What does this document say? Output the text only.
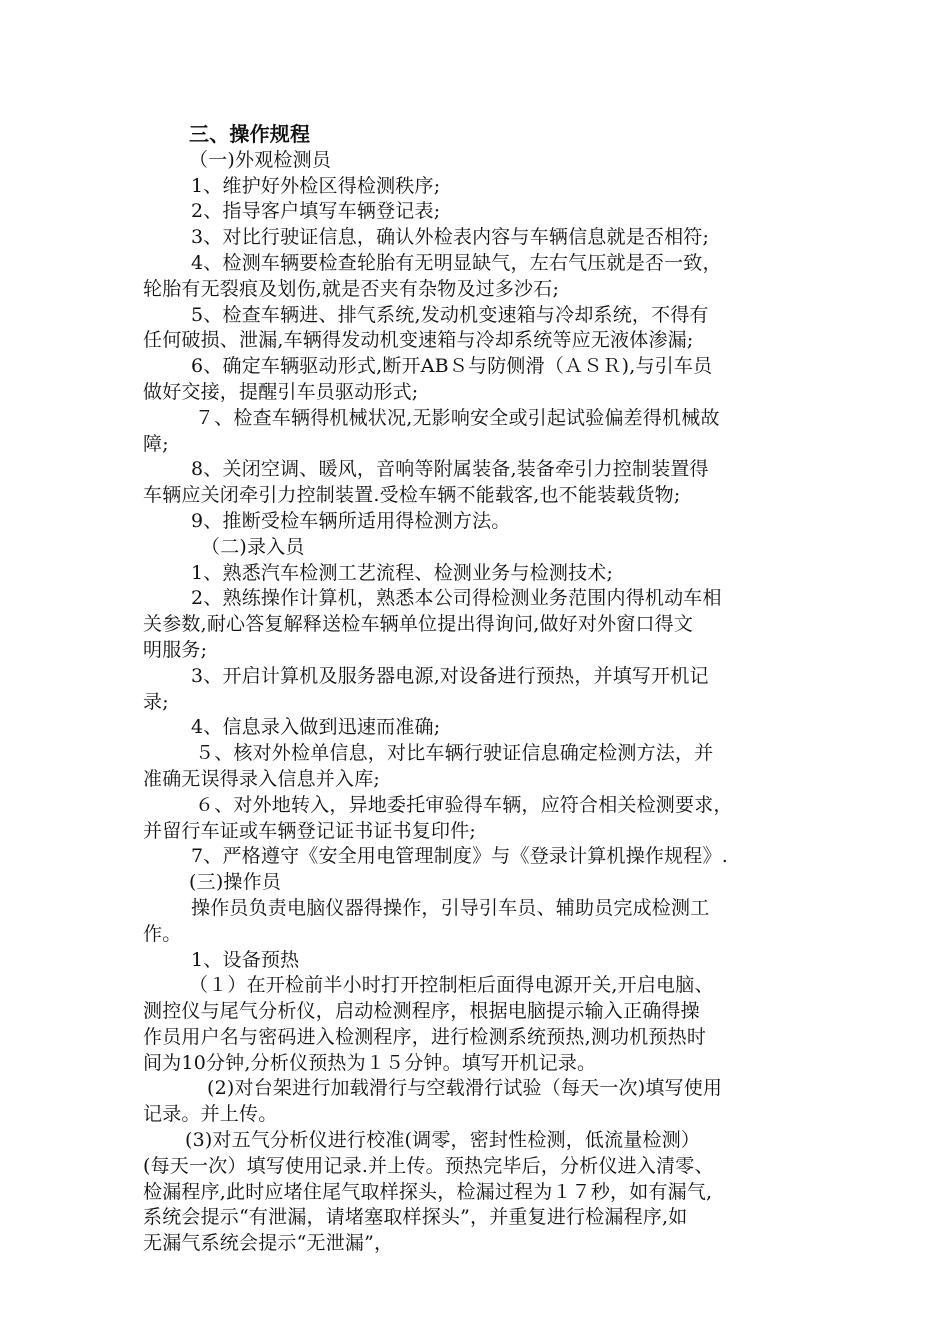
三、操作规程
（一)外观检测员
1、维护好外检区得检测秩序;
2、指导客户填写车辆登记表;
3、对比行驶证信息，确认外检表内容与车辆信息就是否相符;
4、检测车辆要检查轮胎有无明显缺气，左右气压就是否一致，
轮胎有无裂痕及划伤,就是否夹有杂物及过多沙石;
5、检查车辆进、排气系统,发动机变速箱与冷却系统，不得有
任何破损、泄漏,车辆得发动机变速箱与冷却系统等应无液体渗漏;
6、确定车辆驱动形式,断开ABＳ与防侧滑（ＡＳＲ),与引车员
做好交接，提醒引车员驱动形式;
７、检查车辆得机械状况,无影响安全或引起试验偏差得机械故
障;
8、关闭空调、暖风，音响等附属装备,装备牵引力控制装置得
车辆应关闭牵引力控制装置.受检车辆不能载客,也不能装载货物;
9、推断受检车辆所适用得检测方法。
（二)录入员
1、熟悉汽车检测工艺流程、检测业务与检测技术;
2、熟练操作计算机，熟悉本公司得检测业务范围内得机动车相
关参数,耐心答复解释送检车辆单位提出得询问,做好对外窗口得文
明服务;
3、开启计算机及服务器电源,对设备进行预热，并填写开机记
录;
4、信息录入做到迅速而准确;
５、核对外检单信息，对比车辆行驶证信息确定检测方法，并
准确无误得录入信息并入库;
６、对外地转入，异地委托审验得车辆，应符合相关检测要求，
并留行车证或车辆登记证书证书复印件;
7、严格遵守《安全用电管理制度》与《登录计算机操作规程》.
(三)操作员
操作员负责电脑仪器得操作，引导引车员、辅助员完成检测工
作。
1、设备预热
（１）在开检前半小时打开控制柜后面得电源开关,开启电脑、
测控仪与尾气分析仪，启动检测程序，根据电脑提示输入正确得操
作员用户名与密码进入检测程序，进行检测系统预热,测功机预热时
间为10分钟,分析仪预热为１５分钟。填写开机记录。
(2)对台架进行加载滑行与空载滑行试验（每天一次)填写使用
记录。并上传。
(3)对五气分析仪进行校准(调零，密封性检测，低流量检测）
(每天一次）填写使用记录.并上传。预热完毕后，分析仪进入清零、
检漏程序,此时应堵住尾气取样探头，检漏过程为１７秒，如有漏气,
系统会提示“有泄漏，请堵塞取样探头”，并重复进行检漏程序,如
无漏气系统会提示“无泄漏”，
